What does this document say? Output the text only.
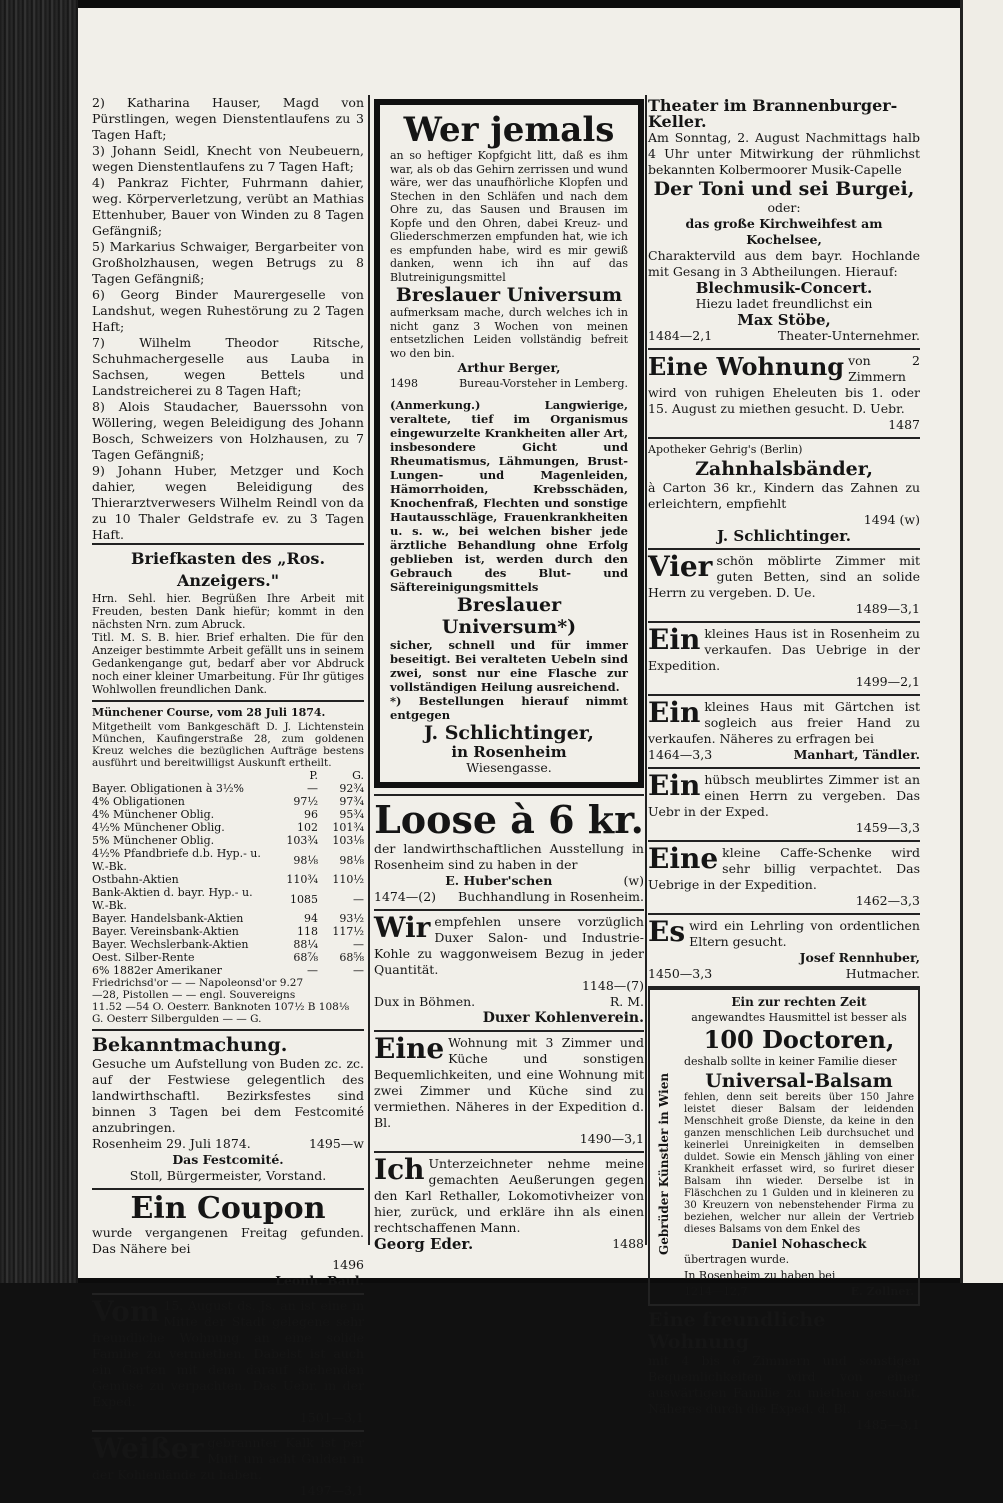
2) Katharina Hauser, Magd von Pürstlingen, wegen Dienstentlaufens zu 3 Tagen Haft;

3) Johann Seidl, Knecht von Neubeuern, wegen Dienstentlaufens zu 7 Tagen Haft;

4) Pankraz Fichter, Fuhrmann dahier, weg. Körperverletzung, verübt an Mathias Ettenhuber, Bauer von Winden zu 8 Tagen Gefängniß;

5) Markarius Schwaiger, Bergarbeiter von Großholzhausen, wegen Betrugs zu 8 Tagen Gefängniß;

6) Georg Binder Maurergeselle von Landshut, wegen Ruhestörung zu 2 Tagen Haft;

7) Wilhelm Theodor Ritsche, Schuhmachergeselle aus Lauba in Sachsen, wegen Bettels und Landstreicherei zu 8 Tagen Haft;

8) Alois Staudacher, Bauerssohn von Wöllering, wegen Beleidigung des Johann Bosch, Schweizers von Holzhausen, zu 7 Tagen Gefängniß;

9) Johann Huber, Metzger und Koch dahier, wegen Beleidigung des Thierarztverwesers Wilhelm Reindl von da zu 10 Thaler Geldstrafe ev. zu 3 Tagen Haft.

Briefkasten des „Ros. Anzeigers."

Hrn. Sehl. hier. Begrüßen Ihre Arbeit mit Freuden, besten Dank hiefür; kommt in den nächsten Nrn. zum Abruck.

Titl. M. S. B. hier. Brief erhalten. Die für den Anzeiger bestimmte Arbeit gefällt uns in seinem Gedankengange gut, bedarf aber vor Abdruck noch einer kleiner Umarbeitung. Für Ihr gütiges Wohlwollen freundlichen Dank.

Münchener Course, vom 28 Juli 1874.

Mitgetheilt vom Bankgeschäft D. J. Lichtenstein München, Kaufingerstraße 28, zum goldenen Kreuz welches die bezüglichen Aufträge bestens ausführt und bereitwilligst Auskunft ertheilt.

	P.	G.
Bayer. Obligationen à 3½%	—	92¾
4% Obligationen	97½	97¾
4% Münchener Oblig.	96	95¾
4½% Münchener Oblig.	102	101¾
5% Münchener Oblig.	103¾	103⅛
4½% Pfandbriefe d.b. Hyp.- u. W.-Bk.	98⅛	98⅛
Ostbahn-Aktien	110¾	110½
Bank-Aktien d. bayr. Hyp.- u. W.-Bk.	1085	—
Bayer. Handelsbank-Aktien	94	93½
Bayer. Vereinsbank-Aktien	118	117½
Bayer. Wechslerbank-Aktien	88¼	—
Oest. Silber-Rente	68⅞	68⅝
6% 1882er Amerikaner	—	—
Friedrichsd'or — — Napoleonsd'or 9.27
—28, Pistollen — — engl. Souvereigns
11.52 —54 O. Oesterr. Banknoten 107½ B 108⅛
G. Oesterr Silbergulden — — G.
Bekanntmachung.

Gesuche um Aufstellung von Buden zc. zc. auf der Festwiese gelegentlich des landwirthschaftl. Bezirksfestes sind binnen 3 Tagen bei dem Festcomité anzubringen.

Rosenheim 29. Juli 1874.	1495—w
Das Festcomité.
Stoll, Bürgermeister, Vorstand.
Ein Coupon

wurde vergangenen Freitag gefunden. Das Nähere bei

1496
Leonh. Baul.
Vom 15. August ds. Js. an ist eine in Mitte der Stadt gelegene sehr freundliche Wohnung an eine solide Familie zu vermiethen. Dabelst ist auch ein Garten mit dem darauf stehenden Gemüse zu verpachten. Das Uebr. in der Exped.

1501—3,1
Weißer gebrannter Kalk ist per Mutt um acht Gulden in der Kohlenlände zu haben.

1497—3,1
Wer jemals

an so heftiger Kopfgicht litt, daß es ihm war, als ob das Gehirn zerrissen und wund wäre, wer das unaufhörliche Klopfen und Stechen in den Schläfen und nach dem Ohre zu, das Sausen und Brausen im Kopfe und den Ohren, dabei Kreuz- und Gliederschmerzen empfunden hat, wie ich es empfunden habe, wird es mir gewiß danken, wenn ich ihn auf das Blutreinigungsmittel

Breslauer Universum

aufmerksam mache, durch welches ich in nicht ganz 3 Wochen von meinen entsetzlichen Leiden vollständig befreit wo den bin.

Arthur Berger,
1498	Bureau-Vorsteher in Lemberg.

(Anmerkung.) Langwierige, veraltete, tief im Organismus eingewurzelte Krankheiten aller Art, insbesondere Gicht und Rheumatismus, Lähmungen, Brust- Lungen- und Magenleiden, Hämorrhoiden, Krebsschäden, Knochenfraß, Flechten und sonstige Hautausschläge, Frauenkrankheiten u. s. w., bei welchen bisher jede ärztliche Behandlung ohne Erfolg geblieben ist, werden durch den Gebrauch des Blut- und Säftereinigungsmittels

Breslauer Universum*)

sicher, schnell und für immer beseitigt. Bei veralteten Uebeln sind zwei, sonst nur eine Flasche zur vollständigen Heilung ausreichend.

*) Bestellungen hierauf nimmt entgegen

J. Schlichtinger,
in Rosenheim
Wiesengasse.
Loose à 6 kr.

der landwirthschaftlichen Ausstellung in Rosenheim sind zu haben in der

E. Huber'schen	(w)
1474—(2) Buchhandlung in Rosenheim.
Wir empfehlen unsere vorzüglich Duxer Salon- und Industrie-Kohle zu waggonweisem Bezug in jeder Quantität.

1148—(7)
Dux in Böhmen.	R. M.
Duxer Kohlenverein.
Eine Wohnung mit 3 Zimmer und Küche und sonstigen Bequemlichkeiten, und eine Wohnung mit zwei Zimmer und Küche sind zu vermiethen. Näheres in der Expedition d. Bl.

1490—3,1
Ich Unterzeichneter nehme meine gemachten Aeußerungen gegen den Karl Rethaller, Lokomotivheizer von hier, zurück, und erkläre ihn als einen rechtschaffenen Mann.

Georg Eder.	1488
Theater im Brannenburger-Keller.

Am Sonntag, 2. August Nachmittags halb 4 Uhr unter Mitwirkung der rühmlichst bekannten Kolbermoorer Musik-Capelle

Der Toni und sei Burgei,
oder:
das große Kirchweihfest am Kochelsee,

Charaktervild aus dem bayr. Hochlande mit Gesang in 3 Abtheilungen. Hierauf:

Blechmusik-Concert.
Hiezu ladet freundlichst ein
Max Stöbe,
1484—2,1	Theater-Unternehmer.
Eine Wohnung von 2 Zimmern wird von ruhigen Eheleuten bis 1. oder 15. August zu miethen gesucht. D. Uebr.

1487
Apotheker Gehrig's (Berlin)
Zahnhalsbänder,

à Carton 36 kr., Kindern das Zahnen zu erleichtern, empfiehlt

1494 (w)
J. Schlichtinger.
Vier schön möblirte Zimmer mit guten Betten, sind an solide Herrn zu vergeben. D. Ue.

1489—3,1
Ein kleines Haus ist in Rosenheim zu verkaufen. Das Uebrige in der Expedition.

1499—2,1
Ein kleines Haus mit Gärtchen ist sogleich aus freier Hand zu verkaufen. Näheres zu erfragen bei

1464—3,3	Manhart, Tändler.
Ein hübsch meublirtes Zimmer ist an einen Herrn zu vergeben. Das Uebr in der Exped.

1459—3,3
Eine kleine Caffe-Schenke wird sehr billig verpachtet. Das Uebrige in der Expedition.

1462—3,3
Es wird ein Lehrling von ordentlichen Eltern gesucht.

Josef Rennhuber,
1450—3,3	Hutmacher.
Gebrüder Künstler in Wien
Ein zur rechten Zeit
angewandtes Hausmittel ist besser als
100 Doctoren,
deshalb sollte in keiner Familie dieser
Universal-Balsam

fehlen, denn seit bereits über 150 Jahre leistet dieser Balsam der leidenden Menschheit große Dienste, da keine in den ganzen menschlichen Leib durchsuchet und keinerlei Unreinigkeiten in demselben duldet. Sowie ein Mensch jähling von einer Krankheit erfasset wird, so furiret dieser Balsam ihn wieder. Derselbe ist in Fläschchen zu 1 Gulden und in kleineren zu 30 Kreuzern von nebenstehender Firma zu beziehen, welcher nur allein der Vertrieb dieses Balsams von dem Enkel des

Daniel Nohascheck
übertragen wurde.
In Rosenheim zu haben bei
1214—12,7	E. Zollner.
Eine freundliche Wohnung

mit 4 bis 6 Zimmern und sonstigen Bequemlichkeiten wird von einer auswärtigen Familie zu miethen gesucht. Näheres durch die Exped. d. Bl.

1485—3,1
